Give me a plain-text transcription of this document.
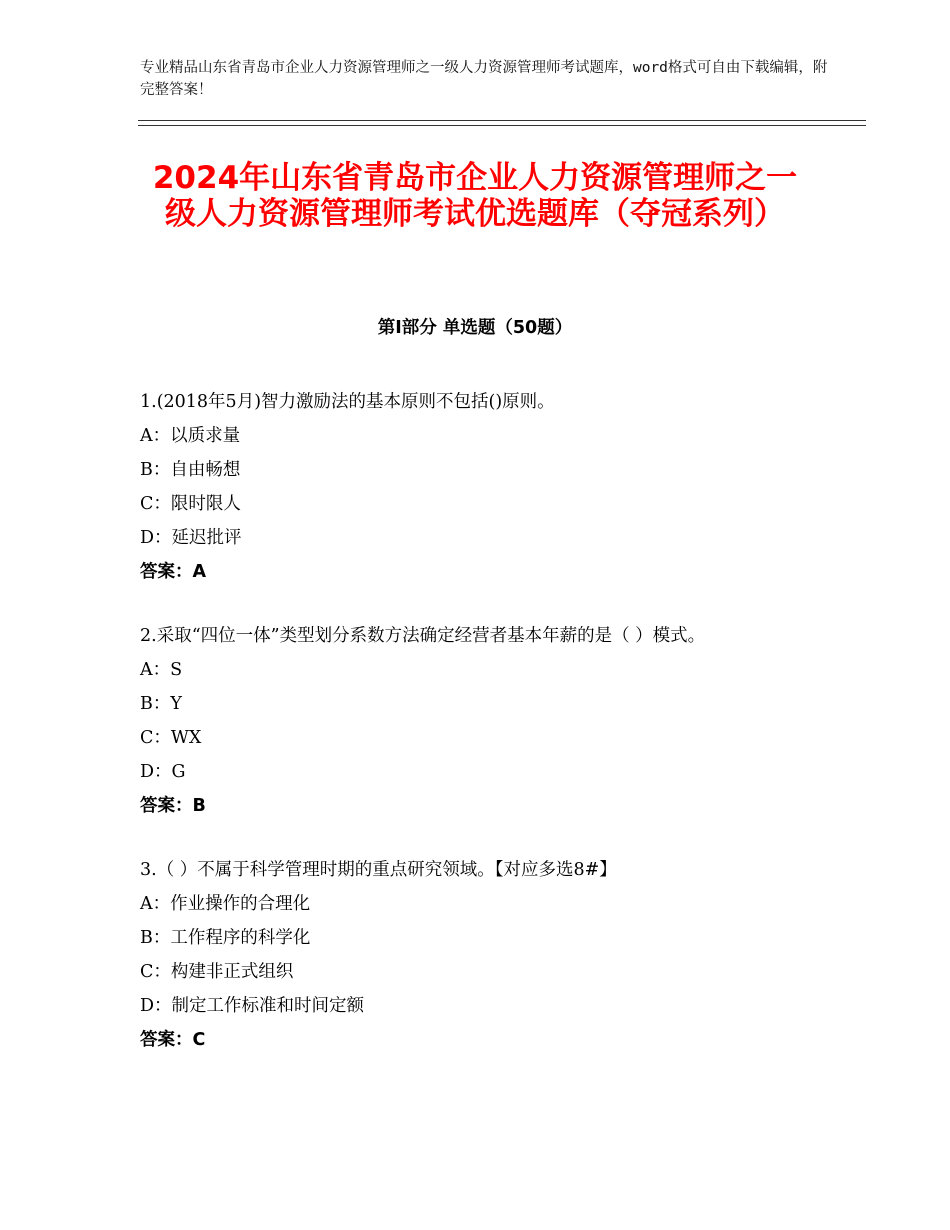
专业精品山东省青岛市企业人力资源管理师之一级人力资源管理师考试题库，word格式可自由下载编辑，附完整答案！
2024年山东省青岛市企业人力资源管理师之一级人力资源管理师考试优选题库（夺冠系列）
第Ⅰ部分 单选题（50题）

1.(2018年5月)智力激励法的基本原则不包括()原则。

A：以质求量

B：自由畅想

C：限时限人

D：延迟批评

答案：A

2.采取“四位一体”类型划分系数方法确定经营者基本年薪的是（ ）模式。

A：S

B：Y

C：WX

D：G

答案：B

3.（ ）不属于科学管理时期的重点研究领域。【对应多选8#】

A：作业操作的合理化

B：工作程序的科学化

C：构建非正式组织

D：制定工作标准和时间定额

答案：C
